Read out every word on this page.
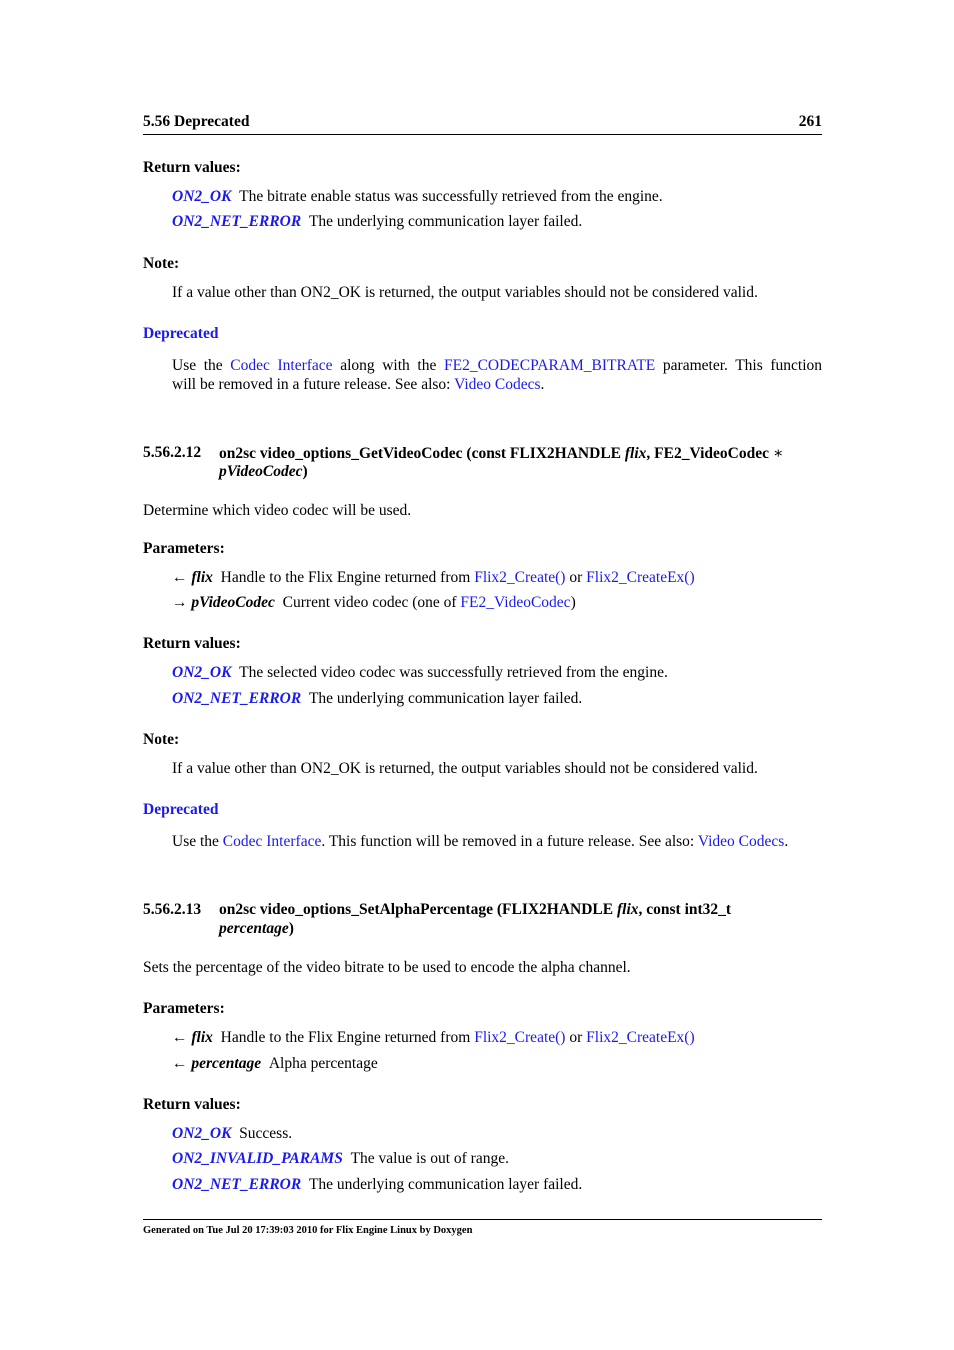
5.56 Deprecated	261
Return values:
ON2_OK The bitrate enable status was successfully retrieved from the engine.
ON2_NET_ERROR The underlying communication layer failed.
Note:
If a value other than ON2_OK is returned, the output variables should not be considered valid.
Deprecated
Use the Codec Interface along with the FE2_CODECPARAM_BITRATE parameter. This function
will be removed in a future release. See also: Video Codecs.
5.56.2.12 on2sc video_options_GetVideoCodec (const FLIX2HANDLE flix, FE2_VideoCodec ∗
pVideoCodec)
Determine which video codec will be used.
Parameters:
← flix Handle to the Flix Engine returned from Flix2_Create() or Flix2_CreateEx()
→ pVideoCodec Current video codec (one of FE2_VideoCodec)
Return values:
ON2_OK The selected video codec was successfully retrieved from the engine.
ON2_NET_ERROR The underlying communication layer failed.
Note:
If a value other than ON2_OK is returned, the output variables should not be considered valid.
Deprecated
Use the Codec Interface. This function will be removed in a future release. See also: Video Codecs.
5.56.2.13 on2sc video_options_SetAlphaPercentage (FLIX2HANDLE flix, const int32_t
percentage)
Sets the percentage of the video bitrate to be used to encode the alpha channel.
Parameters:
← flix Handle to the Flix Engine returned from Flix2_Create() or Flix2_CreateEx()
← percentage Alpha percentage
Return values:
ON2_OK Success.
ON2_INVALID_PARAMS The value is out of range.
ON2_NET_ERROR The underlying communication layer failed.
Generated on Tue Jul 20 17:39:03 2010 for Flix Engine Linux by Doxygen
